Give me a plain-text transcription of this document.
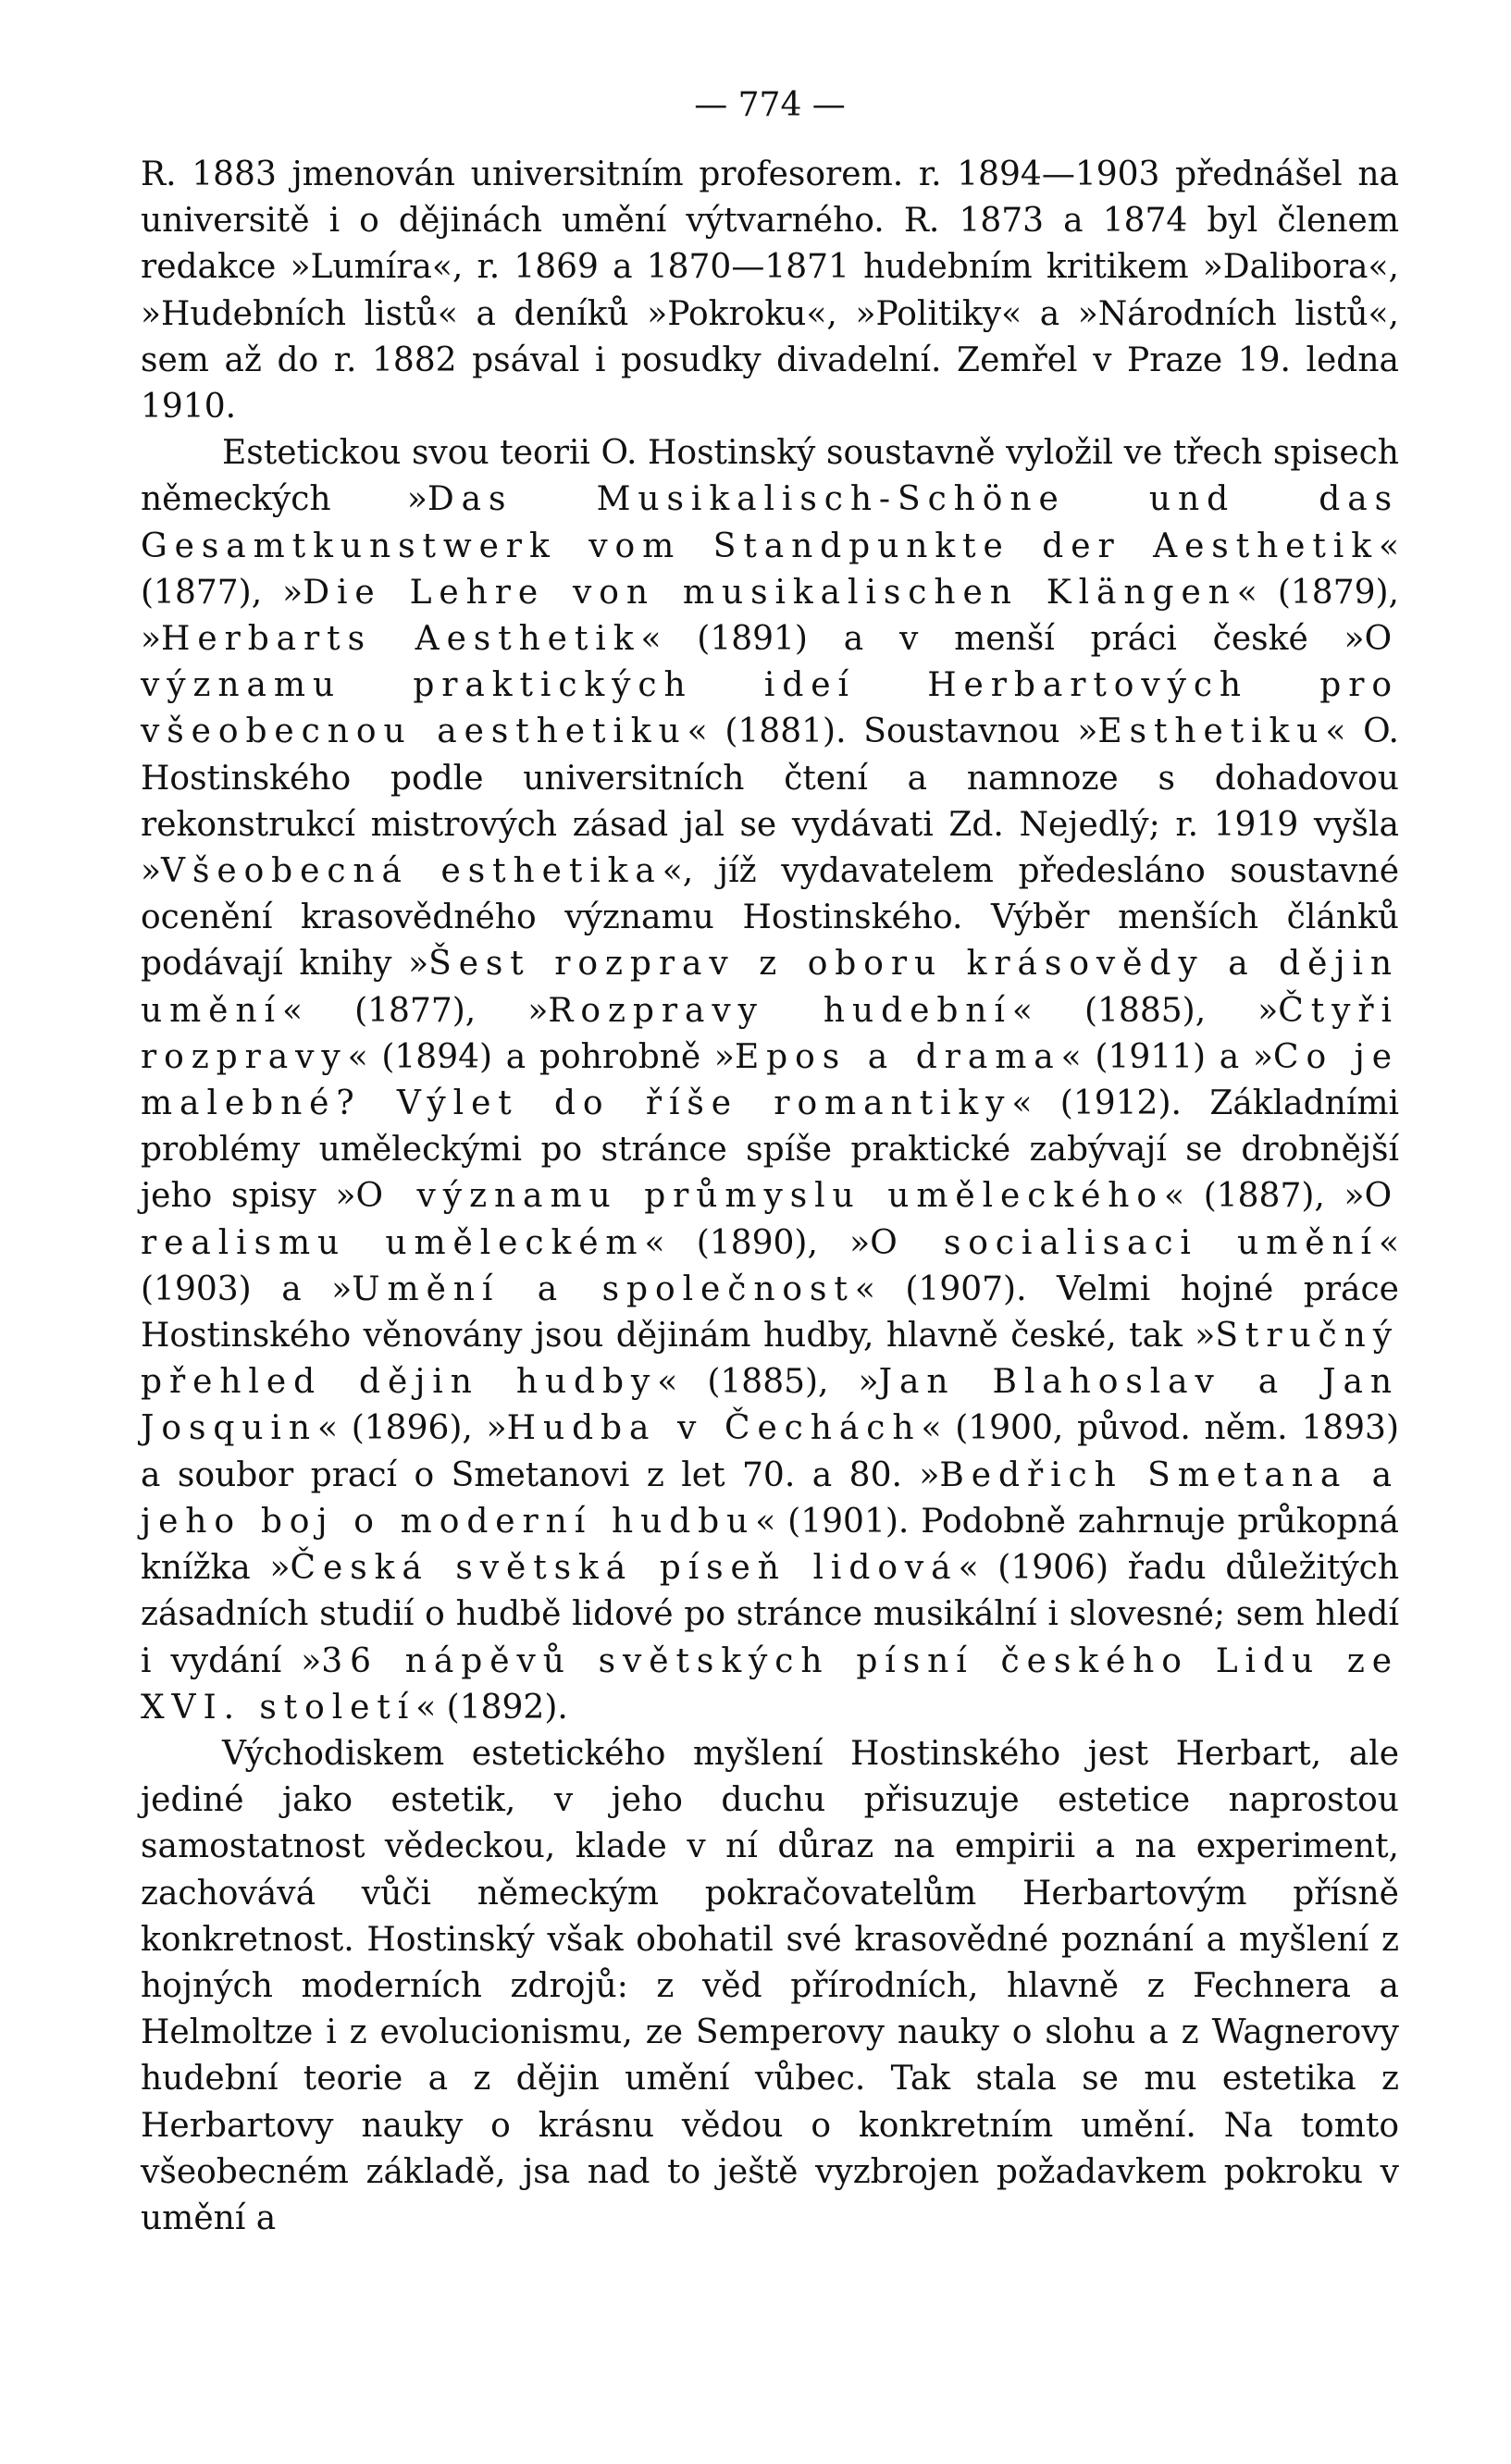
— 774 —

R. 1883 jmenován universitním profesorem. r. 1894—1903 přednášel na universitě i o dějinách umění výtvarného. R. 1873 a 1874 byl členem redakce »Lumíra«, r. 1869 a 1870—1871 hudebním kritikem »Dalibora«, »Hudebních listů« a deníků »Pokroku«, »Politiky« a »Národních listů«, sem až do r. 1882 psával i posudky divadelní. Zemřel v Praze 19. ledna 1910.

Estetickou svou teorii O. Hostinský soustavně vyložil ve třech spisech německých »Das Musikalisch-Schöne und das Gesamtkunstwerk vom Standpunkte der Aesthetik« (1877), »Die Lehre von musikalischen Klängen« (1879), »Herbarts Aesthetik« (1891) a v menší práci české »O významu praktických ideí Herbartových pro všeobecnou aesthetiku« (1881). Soustavnou »Esthetiku« O. Hostinského podle universitních čtení a namnoze s dohadovou rekonstrukcí mistrových zásad jal se vydávati Zd. Nejedlý; r. 1919 vyšla »Všeobecná esthetika«, jíž vydavatelem předesláno soustavné ocenění krasovědného významu Hostinského. Výběr menších článků podávají knihy »Šest rozprav z oboru krásovědy a dějin umění« (1877), »Rozpravy hudební« (1885), »Čtyři rozpravy« (1894) a pohrobně »Epos a drama« (1911) a »Co je malebné? Výlet do říše romantiky« (1912). Základními problémy uměleckými po stránce spíše praktické zabývají se drobnější jeho spisy »O významu průmyslu uměleckého« (1887), »O realismu uměleckém« (1890), »O socialisaci umění« (1903) a »Umění a společnost« (1907). Velmi hojné práce Hostinského věnovány jsou dějinám hudby, hlavně české, tak »Stručný přehled dějin hudby« (1885), »Jan Blahoslav a Jan Josquin« (1896), »Hudba v Čechách« (1900, původ. něm. 1893) a soubor prací o Smetanovi z let 70. a 80. »Bedřich Smetana a jeho boj o moderní hudbu« (1901). Podobně zahrnuje průkopná knížka »Česká světská píseň lidová« (1906) řadu důležitých zásadních studií o hudbě lidové po stránce musikální i slovesné; sem hledí i vydání »36 nápěvů světských písní českého Lidu ze XVI. století« (1892).

Východiskem estetického myšlení Hostinského jest Herbart, ale jediné jako estetik, v jeho duchu přisuzuje estetice naprostou samostatnost vědeckou, klade v ní důraz na empirii a na experiment, zachovává vůči německým pokračovatelům Herbartovým přísně konkretnost. Hostinský však obohatil své krasovědné poznání a myšlení z hojných moderních zdrojů: z věd přírodních, hlavně z Fechnera a Helmoltze i z evolucionismu, ze Semperovy nauky o slohu a z Wagnerovy hudební teorie a z dějin umění vůbec. Tak stala se mu estetika z Herbartovy nauky o krásnu vědou o konkretním umění. Na tomto všeobecném základě, jsa nad to ještě vyzbrojen požadavkem pokroku v umění a
